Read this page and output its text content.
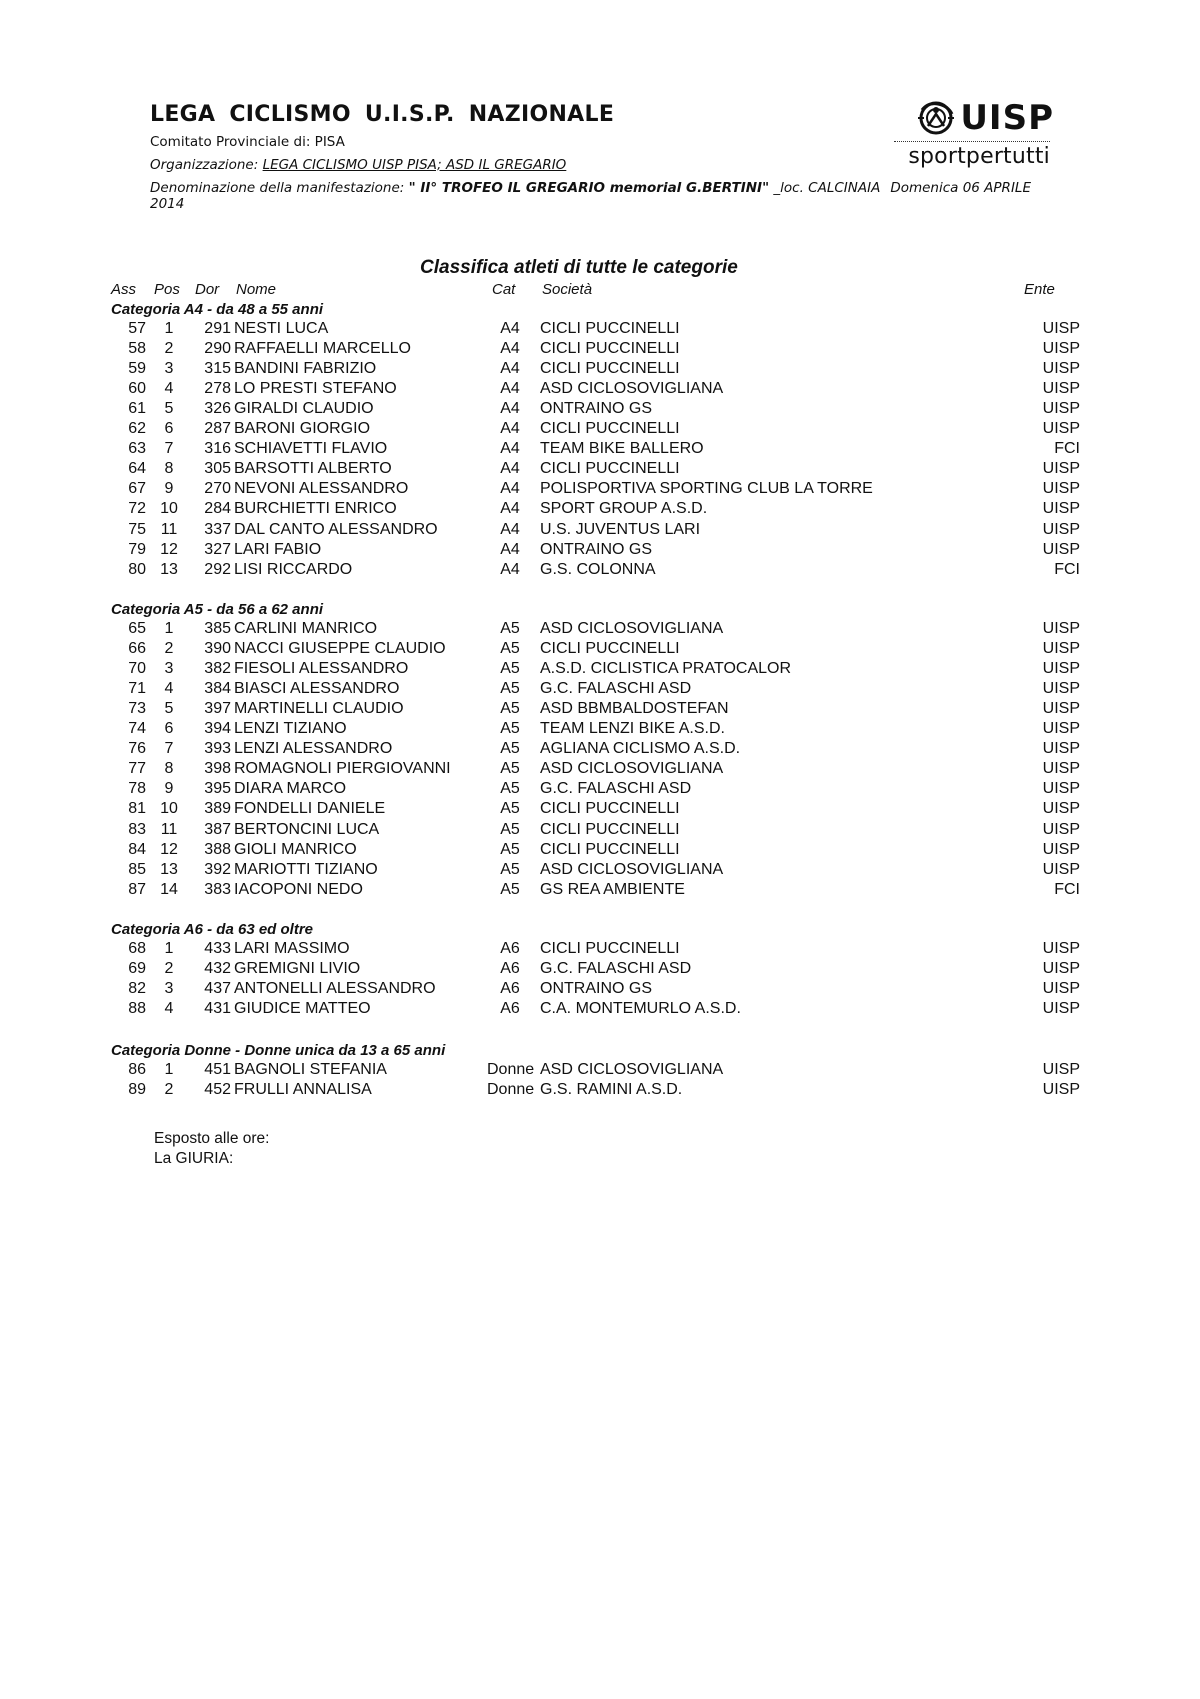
LEGA CICLISMO U.I.S.P. NAZIONALE
Comitato Provinciale di: PISA
Organizzazione: LEGA CICLISMO UISP PISA; ASD IL GREGARIO
Denominazione della manifestazione: " II° TROFEO IL GREGARIO memorial G.BERTINI" _loc. CALCINAIA Domenica 06 APRILE 2014
UISP
sportpertutti
Classifica atleti di tutte le categorie
Ass Pos Dor Nome	Cat Società	Ente
Categoria A4 - da 48 a 55 anni
57	1	291 NESTI LUCA	A4	CICLI PUCCINELLI	UISP
58	2	290 RAFFAELLI MARCELLO	A4	CICLI PUCCINELLI	UISP
59	3	315 BANDINI FABRIZIO	A4	CICLI PUCCINELLI	UISP
60	4	278 LO PRESTI STEFANO	A4	ASD CICLOSOVIGLIANA	UISP
61	5	326 GIRALDI CLAUDIO	A4	ONTRAINO GS	UISP
62	6	287 BARONI GIORGIO	A4	CICLI PUCCINELLI	UISP
63	7	316 SCHIAVETTI FLAVIO	A4	TEAM BIKE BALLERO	FCI
64	8	305 BARSOTTI ALBERTO	A4	CICLI PUCCINELLI	UISP
67	9	270 NEVONI ALESSANDRO	A4	POLISPORTIVA SPORTING CLUB LA TORRE	UISP
72 10	284 BURCHIETTI ENRICO	A4	SPORT GROUP A.S.D.	UISP
75 11	337 DAL CANTO ALESSANDRO	A4	U.S. JUVENTUS LARI	UISP
79 12	327 LARI FABIO	A4	ONTRAINO GS	UISP
80 13	292 LISI RICCARDO	A4	G.S. COLONNA	FCI
Categoria A5 - da 56 a 62 anni
65	1	385 CARLINI MANRICO	A5	ASD CICLOSOVIGLIANA	UISP
66	2	390 NACCI GIUSEPPE CLAUDIO	A5	CICLI PUCCINELLI	UISP
70	3	382 FIESOLI ALESSANDRO	A5	A.S.D. CICLISTICA PRATOCALOR	UISP
71	4	384 BIASCI ALESSANDRO	A5	G.C. FALASCHI ASD	UISP
73	5	397 MARTINELLI CLAUDIO	A5	ASD BBMBALDOSTEFAN	UISP
74	6	394 LENZI TIZIANO	A5	TEAM LENZI BIKE A.S.D.	UISP
76	7	393 LENZI ALESSANDRO	A5	AGLIANA CICLISMO A.S.D.	UISP
77	8	398 ROMAGNOLI PIERGIOVANNI	A5	ASD CICLOSOVIGLIANA	UISP
78	9	395 DIARA MARCO	A5	G.C. FALASCHI ASD	UISP
81 10	389 FONDELLI DANIELE	A5	CICLI PUCCINELLI	UISP
83 11	387 BERTONCINI LUCA	A5	CICLI PUCCINELLI	UISP
84 12	388 GIOLI MANRICO	A5	CICLI PUCCINELLI	UISP
85 13	392 MARIOTTI TIZIANO	A5	ASD CICLOSOVIGLIANA	UISP
87 14	383 IACOPONI NEDO	A5	GS REA AMBIENTE	FCI
Categoria A6 - da 63 ed oltre
68	1	433 LARI MASSIMO	A6	CICLI PUCCINELLI	UISP
69	2	432 GREMIGNI LIVIO	A6	G.C. FALASCHI ASD	UISP
82	3	437 ANTONELLI ALESSANDRO	A6	ONTRAINO GS	UISP
88	4	431 GIUDICE MATTEO	A6	C.A. MONTEMURLO A.S.D.	UISP
Categoria Donne - Donne unica da 13 a 65 anni
86	1	451 BAGNOLI STEFANIA	Donne ASD CICLOSOVIGLIANA	UISP
89	2	452 FRULLI ANNALISA	Donne G.S. RAMINI A.S.D.	UISP
Esposto alle ore:
La GIURIA:
